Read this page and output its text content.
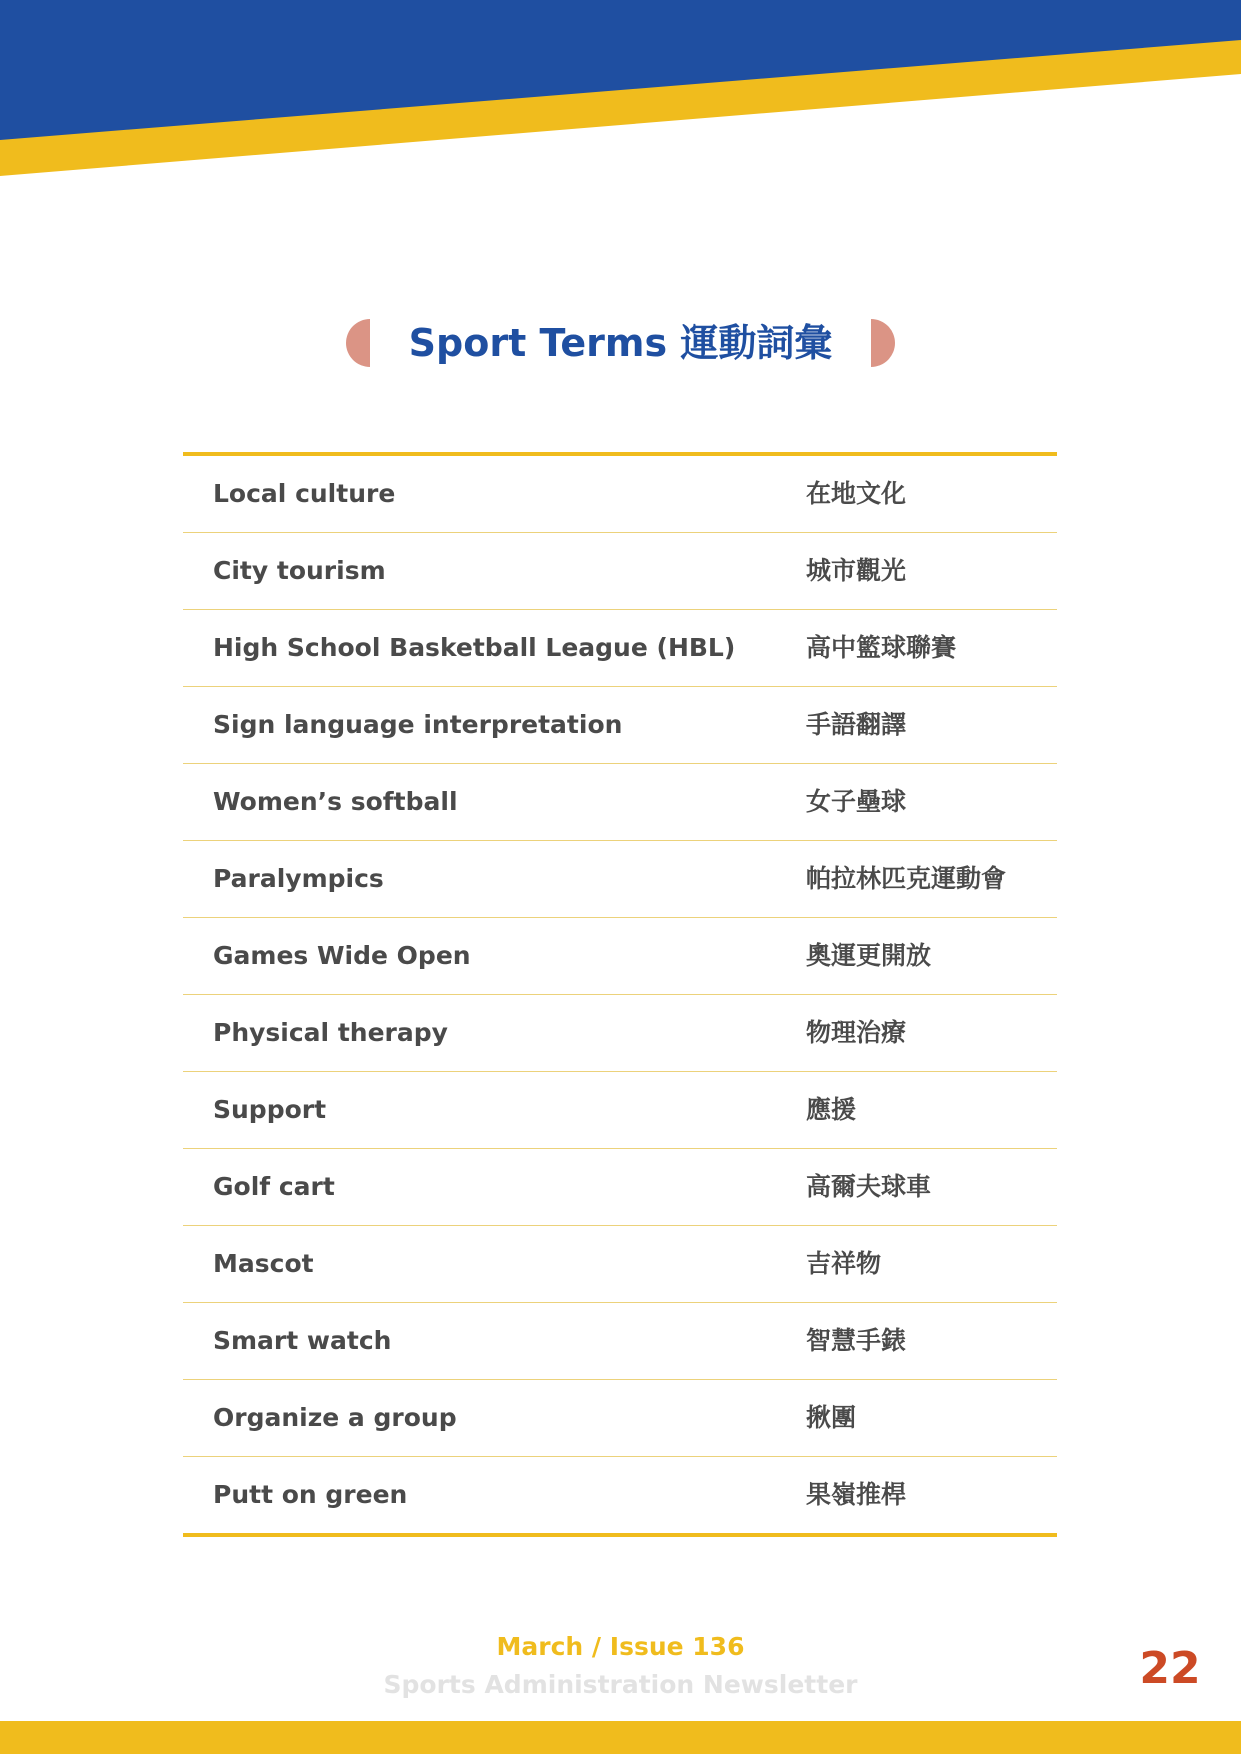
Sport Terms 運動詞彙
Local culture	在地文化
City tourism	城市觀光
High School Basketball League (HBL)	高中籃球聯賽
Sign language interpretation	手語翻譯
Women’s softball	女子壘球
Paralympics	帕拉林匹克運動會
Games Wide Open	奧運更開放
Physical therapy	物理治療
Support	應援
Golf cart	高爾夫球車
Mascot	吉祥物
Smart watch	智慧手錶
Organize a group	揪團
Putt on green	果嶺推桿
March / Issue 136
Sports Administration Newsletter	22
